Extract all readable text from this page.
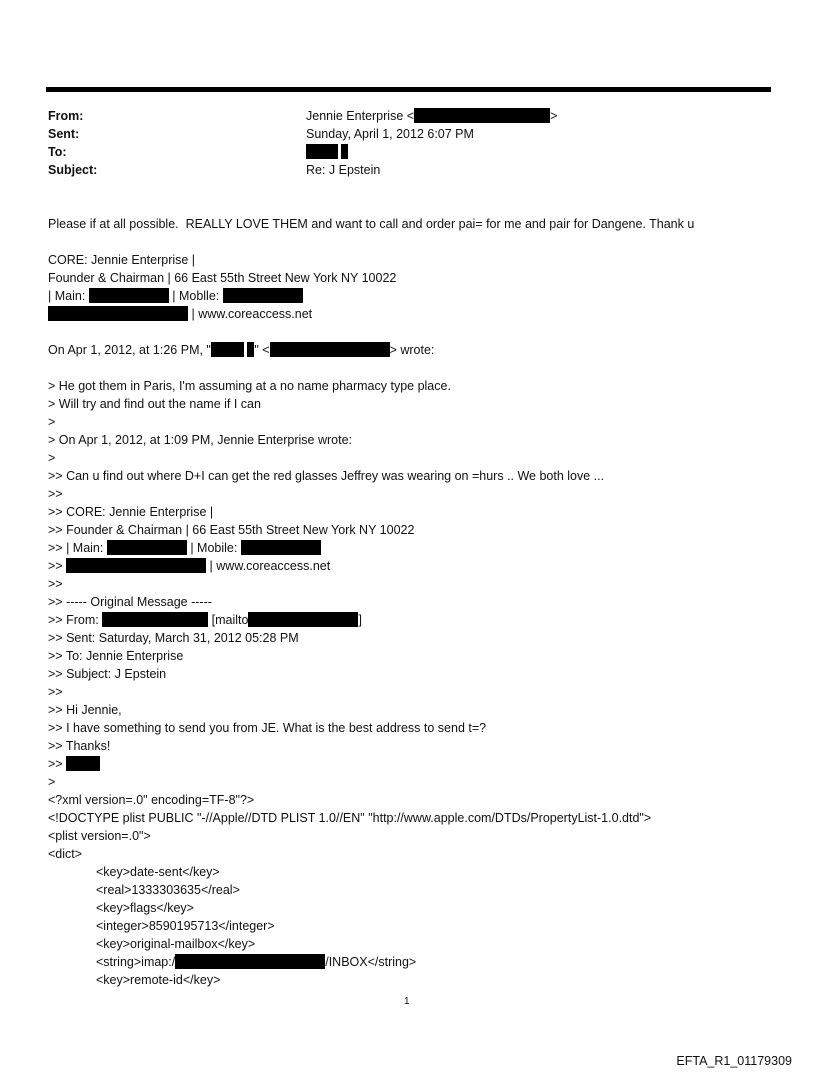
From:	Jennie Enterprise <	>
Sent:	Sunday, April 1, 2012 6:07 PM
To:

Subject:	Re: J Epstein
Please if at all possible.  REALLY LOVE THEM and want to call and order pai= for me and pair for Dangene. Thank u
CORE: Jennie Enterprise |
Founder & Chairman | 66 East 55th Street New York NY 10022
| Main:	| Moblle:
| www.coreaccess.net
On Apr 1, 2012, at 1:26 PM, "	" <	> wrote:
> He got them in Paris, I'm assuming at a no name pharmacy type place.
> Will try and find out the name if I can
>
> On Apr 1, 2012, at 1:09 PM, Jennie Enterprise wrote:
>
>> Can u find out where D+I can get the red glasses Jeffrey was wearing on =hurs .. We both love ...
>>
>> CORE: Jennie Enterprise |
>> Founder & Chairman | 66 East 55th Street New York NY 10022
>> | Main:	| Mobile:
>>	| www.coreaccess.net
>>
>> ----- Original Message -----
>> From:	[mailto	]
>> Sent: Saturday, March 31, 2012 05:28 PM
>> To: Jennie Enterprise
>> Subject: J Epstein
>>
>> Hi Jennie,
>> I have something to send you from JE. What is the best address to send t=?
>> Thanks!
>>
>
<?xml version=.0" encoding=TF-8"?>
<!DOCTYPE plist PUBLIC "-//Apple//DTD PLIST 1.0//EN" "http://www.apple.com/DTDs/PropertyList-1.0.dtd">
<plist version=.0">
<dict>
<key>date-sent</key>
<real>1333303635</real>
<key>flags</key>
<integer>8590195713</integer>
<key>original-mailbox</key>
<string>imap:/	/INBOX</string>
<key>remote-id</key>
1
EFTA_R1_01179309
